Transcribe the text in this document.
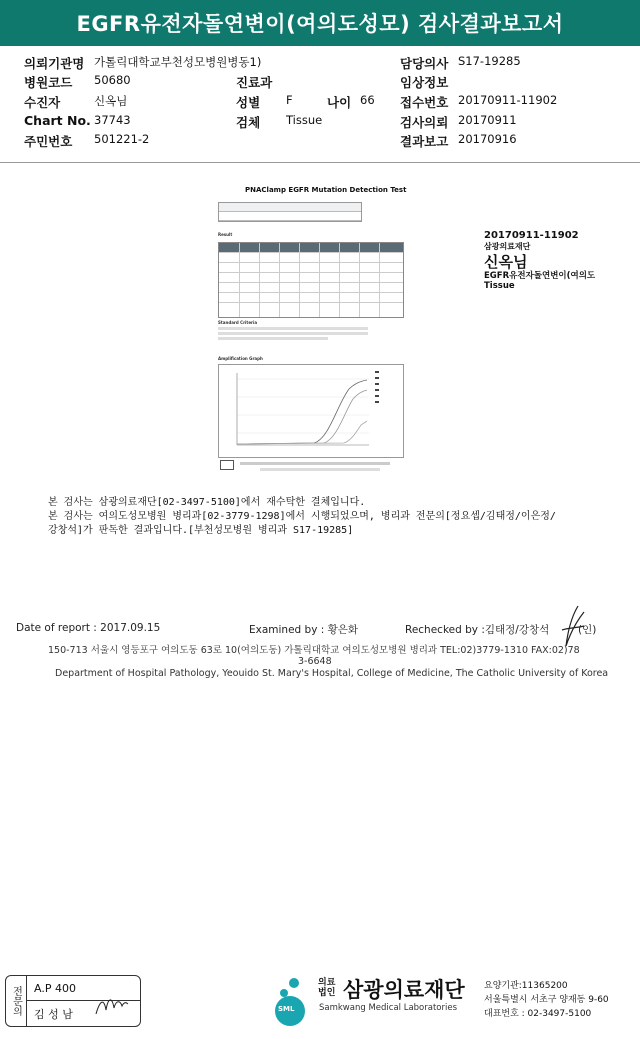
EGFR유전자돌연변이(여의도성모) 검사결과보고서
의뢰기관명 가톨릭대학교부천성모병원병동1)	담당의사 S17-19285
병원코드 50680	진료과	임상정보
수진자	신옥님	성별 F	나이 66 접수번호 20170911-11902
Chart No. 37743	검체 Tissue	검사의뢰 20170911
주민번호 501221-2	결과보고 20170916
PNAClamp EGFR Mutation Detection Test
Result
Standard Criteria
Amplification Graph
20170911-11902
삼광의료재단
신옥님
EGFR유전자돌연변이(여의도
Tissue
본 검사는 삼광의료재단[02-3497-5100]에서 재수탁한 결체입니다.
본 검사는 여의도성모병원 병리과[02-3779-1298]에서 시행되었으며, 병리과 전문의[정요셉/김태정/이은정/
강창석]가 판독한 결과입니다.[부천성모병원 병리과 S17-19285]
Date of report : 2017.09.15	Examined by : 황은화	Rechecked by :김태정/강창석	(인)
150-713 서울시 영등포구 여의도동 63로 10(여의도동) 가톨릭대학교 여의도성모병원 병리과 TEL:02)3779-1310 FAX:02)78
3-6648
Department of Hospital Pathology, Yeouido St. Mary's Hospital, College of Medicine, The Catholic University of Korea
전문의 A.P 400
김 성 남	SML
의료법인 삼광의료재단
Samkwang Medical Laboratories
요양기관:11365200
서울특별시 서초구 양재동 9-60
대표번호 : 02-3497-5100
